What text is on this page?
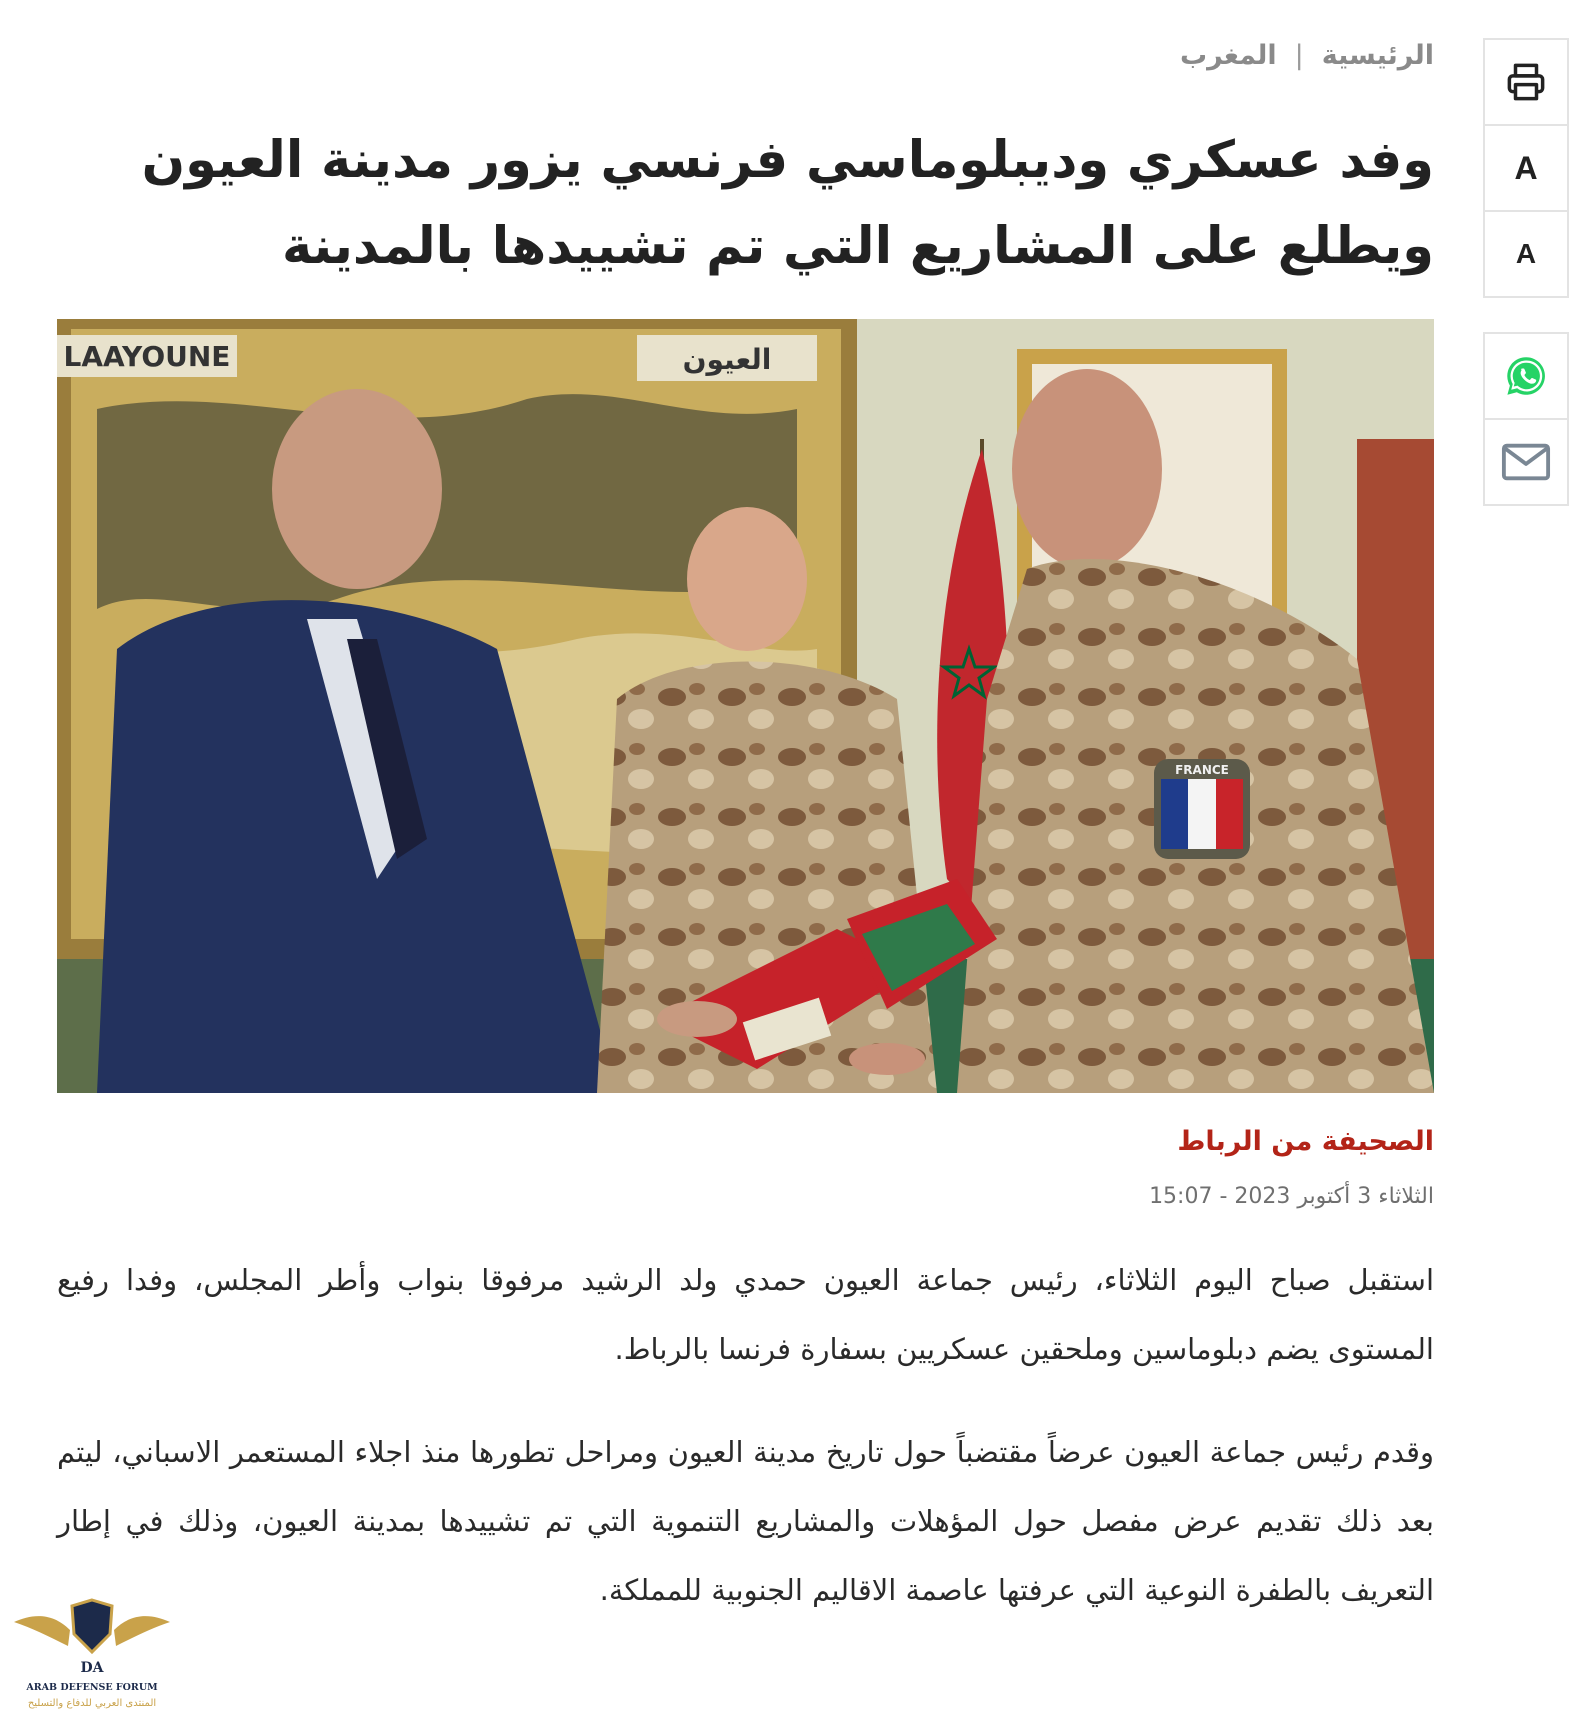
الرئيسية
|
المغرب
وفد عسكري وديبلوماسي فرنسي يزور مدينة العيون ويطلع على المشاريع التي تم تشييدها بالمدينة
LAAYOUNE	العيون
FRANCE
الصحيفة من الرباط
الثلاثاء 3 أكتوبر 2023 - 15:07

استقبل صباح اليوم الثلاثاء، رئيس جماعة العيون حمدي ولد الرشيد مرفوقا بنواب وأطر المجلس، وفدا رفيع المستوى يضم دبلوماسين وملحقين عسكريين بسفارة فرنسا بالرباط.

وقدم رئيس جماعة العيون عرضاً مقتضباً حول تاريخ مدينة العيون ومراحل تطورها منذ اجلاء المستعمر الاسباني، ليتم بعد ذلك تقديم عرض مفصل حول المؤهلات والمشاريع التنموية التي تم تشييدها بمدينة العيون، وذلك في إطار التعريف بالطفرة النوعية التي عرفتها عاصمة الاقاليم الجنوبية للمملكة.

A
A
DA
ARAB DEFENSE FORUM
المنتدى العربي للدفاع والتسليح
